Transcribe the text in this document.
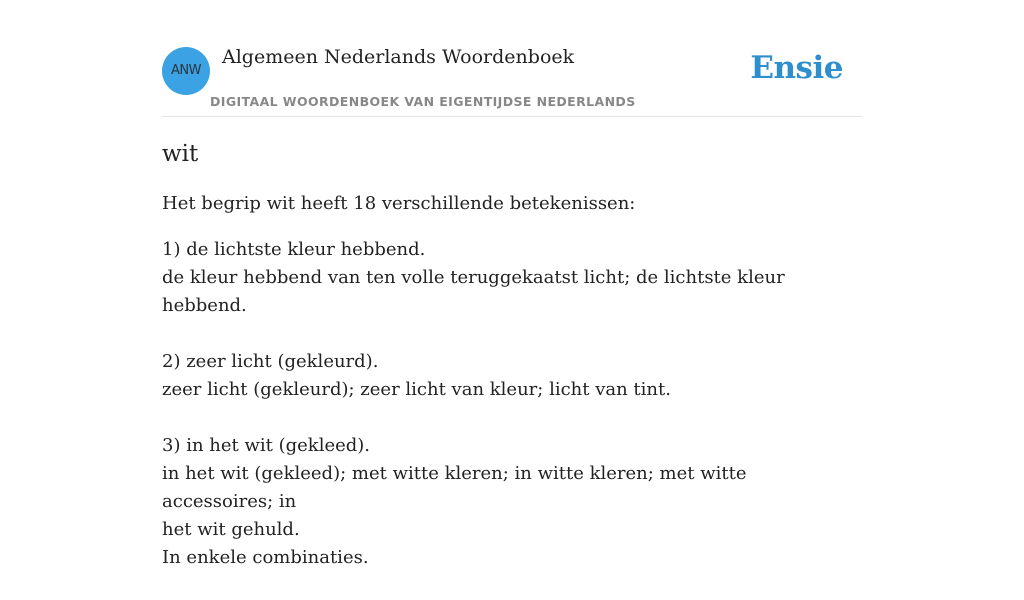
ANW
Algemeen Nederlands Woordenboek
DIGITAAL WOORDENBOEK VAN EIGENTIJDSE NEDERLANDS
Ensie
wit

Het begrip wit heeft 18 verschillende betekenissen:

1) de lichtste kleur hebbend.
de kleur hebbend van ten volle teruggekaatst licht; de lichtste kleur hebbend.
2) zeer licht (gekleurd).
zeer licht (gekleurd); zeer licht van kleur; licht van tint.
3) in het wit (gekleed).
in het wit (gekleed); met witte kleren; in witte kleren; met witte accessoires; in
het wit gehuld.
In enkele combinaties.
